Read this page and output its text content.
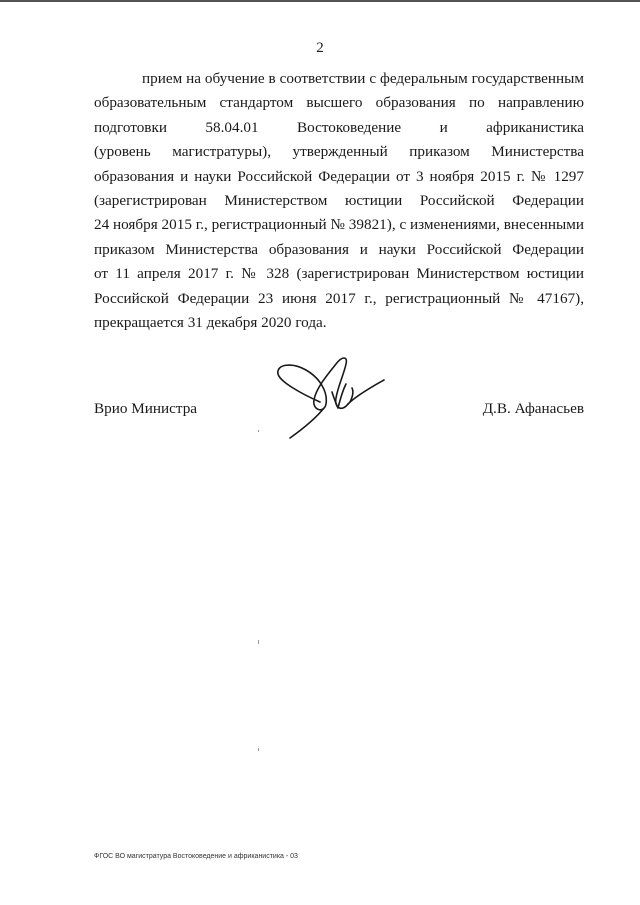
2
прием на обучение в соответствии с федеральным государственным
образовательным стандартом высшего образования по направлению
подготовки 58.04.01 Востоковедение и африканистика
(уровень магистратуры), утвержденный приказом Министерства
образования и науки Российской Федерации от 3 ноября 2015 г. № 1297
(зарегистрирован Министерством юстиции Российской Федерации
24 ноября 2015 г., регистрационный № 39821), с изменениями, внесенными
приказом Министерства образования и науки Российской Федерации
от 11 апреля 2017 г. № 328 (зарегистрирован Министерством юстиции
Российской Федерации 23 июня 2017 г., регистрационный № 47167),
прекращается 31 декабря 2020 года.
Врио Министра	Д.В. Афанасьев
ФГОС ВО магистратура Востоковедение и африканистика - 03
